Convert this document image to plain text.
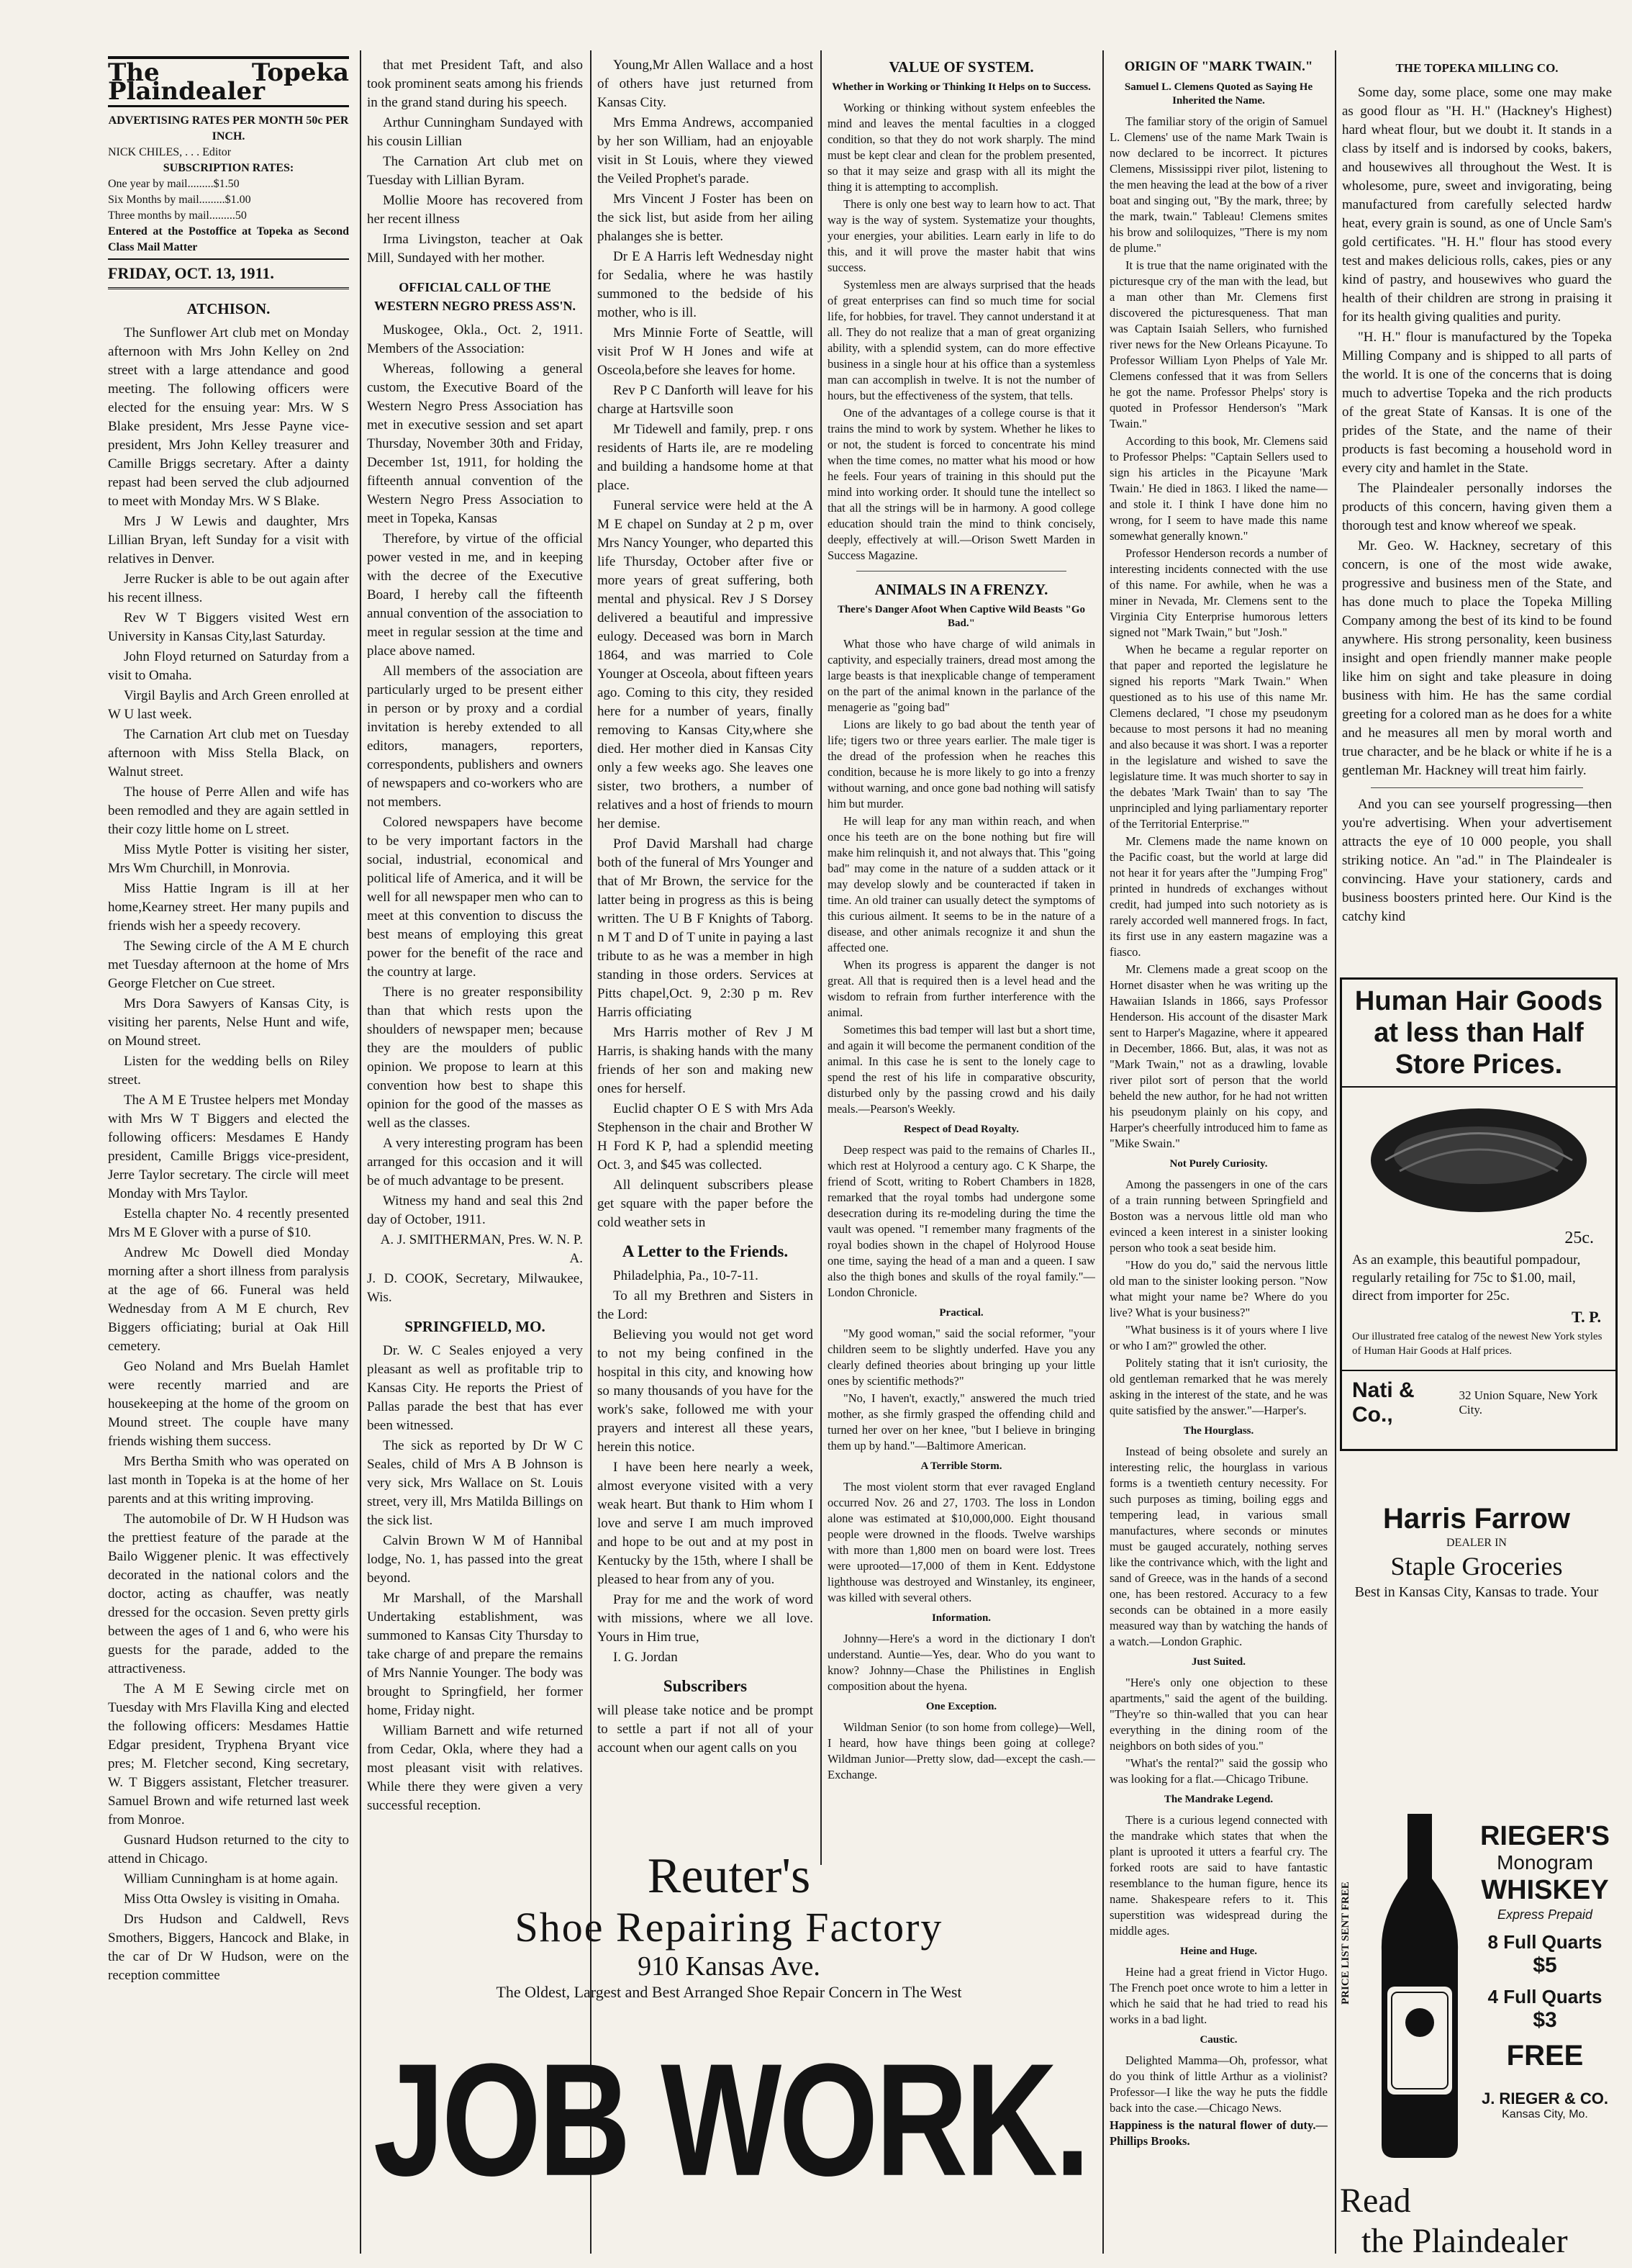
The Topeka Plaindealer
ADVERTISING RATES PER MONTH 50c PER INCH.
NICK CHILES, . . . Editor
SUBSCRIPTION RATES:
One year by mail.........$1.50
Six Months by mail.........$1.00
Three months by mail.........50
Entered at the Postoffice at Topeka as Second Class Mail Matter
FRIDAY, OCT. 13, 1911.
ATCHISON.

The Sunflower Art club met on Monday afternoon with Mrs John Kelley on 2nd street with a large attendance and good meeting. The following officers were elected for the ensuing year: Mrs. W S Blake president, Mrs Jesse Payne vice-president, Mrs John Kelley treasurer and Camille Briggs secretary. After a dainty repast had been served the club adjourned to meet with Monday Mrs. W S Blake.

Mrs J W Lewis and daughter, Mrs Lillian Bryan, left Sunday for a visit with relatives in Denver.

Jerre Rucker is able to be out again after his recent illness.

Rev W T Biggers visited West ern University in Kansas City,last Saturday.

John Floyd returned on Saturday from a visit to Omaha.

Virgil Baylis and Arch Green enrolled at W U last week.

The Carnation Art club met on Tuesday afternoon with Miss Stella Black, on Walnut street.

The house of Perre Allen and wife has been remodled and they are again settled in their cozy little home on L street.

Miss Mytle Potter is visiting her sister, Mrs Wm Churchill, in Monrovia.

Miss Hattie Ingram is ill at her home,Kearney street. Her many pupils and friends wish her a speedy recovery.

The Sewing circle of the A M E church met Tuesday afternoon at the home of Mrs George Fletcher on Cue street.

Mrs Dora Sawyers of Kansas City, is visiting her parents, Nelse Hunt and wife, on Mound street.

Listen for the wedding bells on Riley street.

The A M E Trustee helpers met Monday with Mrs W T Biggers and elected the following officers: Mesdames E Handy president, Camille Briggs vice-president, Jerre Taylor secretary. The circle will meet Monday with Mrs Taylor.

Estella chapter No. 4 recently presented Mrs M E Glover with a purse of $10.

Andrew Mc Dowell died Monday morning after a short illness from paralysis at the age of 66. Funeral was held Wednesday from A M E church, Rev Biggers officiating; burial at Oak Hill cemetery.

Geo Noland and Mrs Buelah Hamlet were recently married and are housekeeping at the home of the groom on Mound street. The couple have many friends wishing them success.

Mrs Bertha Smith who was operated on last month in Topeka is at the home of her parents and at this writing improving.

The automobile of Dr. W H Hudson was the prettiest feature of the parade at the Bailo Wiggener plenic. It was effectively decorated in the national colors and the doctor, acting as chauffer, was neatly dressed for the occasion. Seven pretty girls between the ages of 1 and 6, who were his guests for the parade, added to the attractiveness.

The A M E Sewing circle met on Tuesday with Mrs Flavilla King and elected the following officers: Mesdames Hattie Edgar president, Tryphena Bryant vice pres; M. Fletcher second, King secretary, W. T Biggers assistant, Fletcher treasurer. Samuel Brown and wife returned last week from Monroe.

Gusnard Hudson returned to the city to attend in Chicago.

William Cunningham is at home again.

Miss Otta Owsley is visiting in Omaha.

Drs Hudson and Caldwell, Revs Smothers, Biggers, Hancock and Blake, in the car of Dr W Hudson, were on the reception committee

that met President Taft, and also took prominent seats among his friends in the grand stand during his speech.

Arthur Cunningham Sundayed with his cousin Lillian

The Carnation Art club met on Tuesday with Lillian Byram.

Mollie Moore has recovered from her recent illness

Irma Livingston, teacher at Oak Mill, Sundayed with her mother.

OFFICIAL CALL OF THE WESTERN NEGRO PRESS ASS'N.

Muskogee, Okla., Oct. 2, 1911. Members of the Association:

Whereas, following a general custom, the Executive Board of the Western Negro Press Association has met in executive session and set apart Thursday, November 30th and Friday, December 1st, 1911, for holding the fifteenth annual convention of the Western Negro Press Association to meet in Topeka, Kansas

Therefore, by virtue of the official power vested in me, and in keeping with the decree of the Executive Board, I hereby call the fifteenth annual convention of the association to meet in regular session at the time and place above named.

All members of the association are particularly urged to be present either in person or by proxy and a cordial invitation is hereby extended to all editors, managers, reporters, correspondents, publishers and owners of newspapers and co-workers who are not members.

Colored newspapers have become to be very important factors in the social, industrial, economical and political life of America, and it will be well for all newspaper men who can to meet at this convention to discuss the best means of employing this great power for the benefit of the race and the country at large.

There is no greater responsibility than that which rests upon the shoulders of newspaper men; because they are the moulders of public opinion. We propose to learn at this convention how best to shape this opinion for the good of the masses as well as the classes.

A very interesting program has been arranged for this occasion and it will be of much advantage to be present.

Witness my hand and seal this 2nd day of October, 1911.

A. J. SMITHERMAN, Pres. W. N. P. A.

J. D. COOK, Secretary, Milwaukee, Wis.

SPRINGFIELD, MO.

Dr. W. C Seales enjoyed a very pleasant as well as profitable trip to Kansas City. He reports the Priest of Pallas parade the best that has ever been witnessed.

The sick as reported by Dr W C Seales, child of Mrs A B Johnson is very sick, Mrs Wallace on St. Louis street, very ill, Mrs Matilda Billings on the sick list.

Calvin Brown W M of Hannibal lodge, No. 1, has passed into the great beyond.

Mr Marshall, of the Marshall Undertaking establishment, was summoned to Kansas City Thursday to take charge of and prepare the remains of Mrs Nannie Younger. The body was brought to Springfield, her former home, Friday night.

William Barnett and wife returned from Cedar, Okla, where they had a most pleasant visit with relatives. While there they were given a very successful reception.

Young,Mr Allen Wallace and a host of others have just returned from Kansas City.

Mrs Emma Andrews, accompanied by her son William, had an enjoyable visit in St Louis, where they viewed the Veiled Prophet's parade.

Mrs Vincent J Foster has been on the sick list, but aside from her ailing phalanges she is better.

Dr E A Harris left Wednesday night for Sedalia, where he was hastily summoned to the bedside of his mother, who is ill.

Mrs Minnie Forte of Seattle, will visit Prof W H Jones and wife at Osceola,before she leaves for home.

Rev P C Danforth will leave for his charge at Hartsville soon

Mr Tidewell and family, prep. r ons residents of Harts ile, are re modeling and building a handsome home at that place.

Funeral service were held at the A M E chapel on Sunday at 2 p m, over Mrs Nancy Younger, who departed this life Thursday, October after five or more years of great suffering, both mental and physical. Rev J S Dorsey delivered a beautiful and impressive eulogy. Deceased was born in March 1864, and was married to Cole Younger at Osceola, about fifteen years ago. Coming to this city, they resided here for a number of years, finally removing to Kansas City,where she died. Her mother died in Kansas City only a few weeks ago. She leaves one sister, two brothers, a number of relatives and a host of friends to mourn her demise.

Prof David Marshall had charge both of the funeral of Mrs Younger and that of Mr Brown, the service for the latter being in progress as this is being written. The U B F Knights of Taborg. n M T and D of T unite in paying a last tribute to as he was a member in high standing in those orders. Services at Pitts chapel,Oct. 9, 2:30 p m. Rev Harris officiating

Mrs Harris mother of Rev J M Harris, is shaking hands with the many friends of her son and making new ones for herself.

Euclid chapter O E S with Mrs Ada Stephenson in the chair and Brother W H Ford K P, had a splendid meeting Oct. 3, and $45 was collected.

All delinquent subscribers please get square with the paper before the cold weather sets in

A Letter to the Friends.

Philadelphia, Pa., 10-7-11.

To all my Brethren and Sisters in the Lord:

Believing you would not get word to not my being confined in the hospital in this city, and knowing how so many thousands of you have for the work's sake, followed me with your prayers and interest all these years, herein this notice.

I have been here nearly a week, almost everyone visited with a very weak heart. But thank to Him whom I love and serve I am much improved and hope to be out and at my post in Kentucky by the 15th, where I shall be pleased to hear from any of you.

Pray for me and the work of word with missions, where we all love. Yours in Him true,

I. G. Jordan

Subscribers

will please take notice and be prompt to settle a part if not all of your account when our agent calls on you

Reuter's
Shoe Repairing Factory
910 Kansas Ave.
The Oldest, Largest and Best Arranged Shoe Repair Concern in The West
JOB WORK.
VALUE OF SYSTEM.
Whether in Working or Thinking It Helps on to Success.

Working or thinking without system enfeebles the mind and leaves the mental faculties in a clogged condition, so that they do not work sharply. The mind must be kept clear and clean for the problem presented, so that it may seize and grasp with all its might the thing it is attempting to accomplish.

There is only one best way to learn how to act. That way is the way of system. Systematize your thoughts, your energies, your abilities. Learn early in life to do this, and it will prove the master habit that wins success.

Systemless men are always surprised that the heads of great enterprises can find so much time for social life, for hobbies, for travel. They cannot understand it at all. They do not realize that a man of great organizing ability, with a splendid system, can do more effective business in a single hour at his office than a systemless man can accomplish in twelve. It is not the number of hours, but the effectiveness of the system, that tells.

One of the advantages of a college course is that it trains the mind to work by system. Whether he likes to or not, the student is forced to concentrate his mind when the time comes, no matter what his mood or how he feels. Four years of training in this should put the mind into working order. It should tune the intellect so that all the strings will be in harmony. A good college education should train the mind to think concisely, deeply, effectively at will.—Orison Swett Marden in Success Magazine.

ANIMALS IN A FRENZY.
There's Danger Afoot When Captive Wild Beasts "Go Bad."

What those who have charge of wild animals in captivity, and especially trainers, dread most among the large beasts is that inexplicable change of temperament on the part of the animal known in the parlance of the menagerie as "going bad"

Lions are likely to go bad about the tenth year of life; tigers two or three years earlier. The male tiger is the dread of the profession when he reaches this condition, because he is more likely to go into a frenzy without warning, and once gone bad nothing will satisfy him but murder.

He will leap for any man within reach, and when once his teeth are on the bone nothing but fire will make him relinquish it, and not always that. This "going bad" may come in the nature of a sudden attack or it may develop slowly and be counteracted if taken in time. An old trainer can usually detect the symptoms of this curious ailment. It seems to be in the nature of a disease, and other animals recognize it and shun the affected one.

When its progress is apparent the danger is not great. All that is required then is a level head and the wisdom to refrain from further interference with the animal.

Sometimes this bad temper will last but a short time, and again it will become the permanent condition of the animal. In this case he is sent to the lonely cage to spend the rest of his life in comparative obscurity, disturbed only by the passing crowd and his daily meals.—Pearson's Weekly.

Respect of Dead Royalty.

Deep respect was paid to the remains of Charles II., which rest at Holyrood a century ago. C K Sharpe, the friend of Scott, writing to Robert Chambers in 1828, remarked that the royal tombs had undergone some desecration during its re-modeling during the time the vault was opened. "I remember many fragments of the royal bodies shown in the chapel of Holyrood House one time, saying the head of a man and a queen. I saw also the thigh bones and skulls of the royal family."—London Chronicle.

Practical.

"My good woman," said the social reformer, "your children seem to be slightly underfed. Have you any clearly defined theories about bringing up your little ones by scientific methods?"

"No, I haven't, exactly," answered the much tried mother, as she firmly grasped the offending child and turned her over on her knee, "but I believe in bringing them up by hand."—Baltimore American.

A Terrible Storm.

The most violent storm that ever ravaged England occurred Nov. 26 and 27, 1703. The loss in London alone was estimated at $10,000,000. Eight thousand people were drowned in the floods. Twelve warships with more than 1,800 men on board were lost. Trees were uprooted—17,000 of them in Kent. Eddystone lighthouse was destroyed and Winstanley, its engineer, was killed with several others.

Information.

Johnny—Here's a word in the dictionary I don't understand. Auntie—Yes, dear. Who do you want to know? Johnny—Chase the Philistines in English composition about the hyena.

One Exception.

Wildman Senior (to son home from college)—Well, I heard, how have things been going at college? Wildman Junior—Pretty slow, dad—except the cash.—Exchange.

ORIGIN OF "MARK TWAIN."
Samuel L. Clemens Quoted as Saying He Inherited the Name.

The familiar story of the origin of Samuel L. Clemens' use of the name Mark Twain is now declared to be incorrect. It pictures Clemens, Mississippi river pilot, listening to the men heaving the lead at the bow of a river boat and singing out, "By the mark, three; by the mark, twain." Tableau! Clemens smites his brow and soliloquizes, "There is my nom de plume."

It is true that the name originated with the picturesque cry of the man with the lead, but a man other than Mr. Clemens first discovered the picturesqueness. That man was Captain Isaiah Sellers, who furnished river news for the New Orleans Picayune. To Professor William Lyon Phelps of Yale Mr. Clemens confessed that it was from Sellers he got the name. Professor Phelps' story is quoted in Professor Henderson's "Mark Twain."

According to this book, Mr. Clemens said to Professor Phelps: "Captain Sellers used to sign his articles in the Picayune 'Mark Twain.' He died in 1863. I liked the name—and stole it. I think I have done him no wrong, for I seem to have made this name somewhat generally known."

Professor Henderson records a number of interesting incidents connected with the use of this name. For awhile, when he was a miner in Nevada, Mr. Clemens sent to the Virginia City Enterprise humorous letters signed not "Mark Twain," but "Josh."

When he became a regular reporter on that paper and reported the legislature he signed his reports "Mark Twain." When questioned as to his use of this name Mr. Clemens declared, "I chose my pseudonym because to most persons it had no meaning and also because it was short. I was a reporter in the legislature and wished to save the legislature time. It was much shorter to say in the debates 'Mark Twain' than to say 'The unprincipled and lying parliamentary reporter of the Territorial Enterprise.'"

Mr. Clemens made the name known on the Pacific coast, but the world at large did not hear it for years after the "Jumping Frog" printed in hundreds of exchanges without credit, had jumped into such notoriety as is rarely accorded well mannered frogs. In fact, its first use in any eastern magazine was a fiasco.

Mr. Clemens made a great scoop on the Hornet disaster when he was writing up the Hawaiian Islands in 1866, says Professor Henderson. His account of the disaster Mark sent to Harper's Magazine, where it appeared in December, 1866. But, alas, it was not as "Mark Twain," not as a drawling, lovable river pilot sort of person that the world beheld the new author, for he had not written his pseudonym plainly on his copy, and Harper's cheerfully introduced him to fame as "Mike Swain."

Not Purely Curiosity.

Among the passengers in one of the cars of a train running between Springfield and Boston was a nervous little old man who evinced a keen interest in a sinister looking person who took a seat beside him.

"How do you do," said the nervous little old man to the sinister looking person. "Now what might your name be? Where do you live? What is your business?"

"What business is it of yours where I live or who I am?" growled the other.

Politely stating that it isn't curiosity, the old gentleman remarked that he was merely asking in the interest of the state, and he was quite satisfied by the answer."—Harper's.

The Hourglass.

Instead of being obsolete and surely an interesting relic, the hourglass in various forms is a twentieth century necessity. For such purposes as timing, boiling eggs and tempering lead, in various small manufactures, where seconds or minutes must be gauged accurately, nothing serves like the contrivance which, with the light and sand of Greece, was in the hands of a second one, has been restored. Accuracy to a few seconds can be obtained in a more easily measured way than by watching the hands of a watch.—London Graphic.

Just Suited.

"Here's only one objection to these apartments," said the agent of the building. "They're so thin-walled that you can hear everything in the dining room of the neighbors on both sides of you."

"What's the rental?" said the gossip who was looking for a flat.—Chicago Tribune.

The Mandrake Legend.

There is a curious legend connected with the mandrake which states that when the plant is uprooted it utters a fearful cry. The forked roots are said to have fantastic resemblance to the human figure, hence its name. Shakespeare refers to it. This superstition was widespread during the middle ages.

Heine and Huge.

Heine had a great friend in Victor Hugo. The French poet once wrote to him a letter in which he said that he had tried to read his works in a bad light.

Caustic.

Delighted Mamma—Oh, professor, what do you think of little Arthur as a violinist? Professor—I like the way he puts the fiddle back into the case.—Chicago News.

Happiness is the natural flower of duty.—Phillips Brooks.

THE TOPEKA MILLING CO.

Some day, some place, some one may make as good flour as "H. H." (Hackney's Highest) hard wheat flour, but we doubt it. It stands in a class by itself and is indorsed by cooks, bakers, and housewives all throughout the West. It is wholesome, pure, sweet and invigorating, being manufactured from carefully selected hardw heat, every grain is sound, as one of Uncle Sam's gold certificates. "H. H." flour has stood every test and makes delicious rolls, cakes, pies or any kind of pastry, and housewives who guard the health of their children are strong in praising it for its health giving qualities and purity.

"H. H." flour is manufactured by the Topeka Milling Company and is shipped to all parts of the world. It is one of the concerns that is doing much to advertise Topeka and the rich products of the great State of Kansas. It is one of the prides of the State, and the name of their products is fast becoming a household word in every city and hamlet in the State.

The Plaindealer personally indorses the products of this concern, having given them a thorough test and know whereof we speak.

Mr. Geo. W. Hackney, secretary of this concern, is one of the most wide awake, progressive and business men of the State, and has done much to place the Topeka Milling Company among the best of its kind to be found anywhere. His strong personality, keen business insight and open friendly manner make people like him on sight and take pleasure in doing business with him. He has the same cordial greeting for a colored man as he does for a white and he measures all men by moral worth and true character, and be he black or white if he is a gentleman Mr. Hackney will treat him fairly.

And you can see yourself progressing—then you're advertising. When your advertisement attracts the eye of 10 000 people, you shall striking notice. An "ad." in The Plaindealer is convincing. Have your stationery, cards and business boosters printed here. Our Kind is the catchy kind

Human Hair Goods at less than Half Store Prices.
25c.
As an example, this beautiful pompadour, regularly retailing for 75c to $1.00, mail, direct from importer for 25c.
T. P.
Our illustrated free catalog of the newest New York styles of Human Hair Goods at Half prices.
Nati & Co.,
32 Union Square, New York City.
Harris Farrow
DEALER IN
Staple Groceries
Best in Kansas City, Kansas to trade. Your
PRICE LIST SENT FREE
RIEGER'S
Monogram
WHISKEY
Express Prepaid
8 Full Quarts
$5
4 Full Quarts
$3
FREE
J. RIEGER & CO.
Kansas City, Mo.
Read
the Plaindealer
